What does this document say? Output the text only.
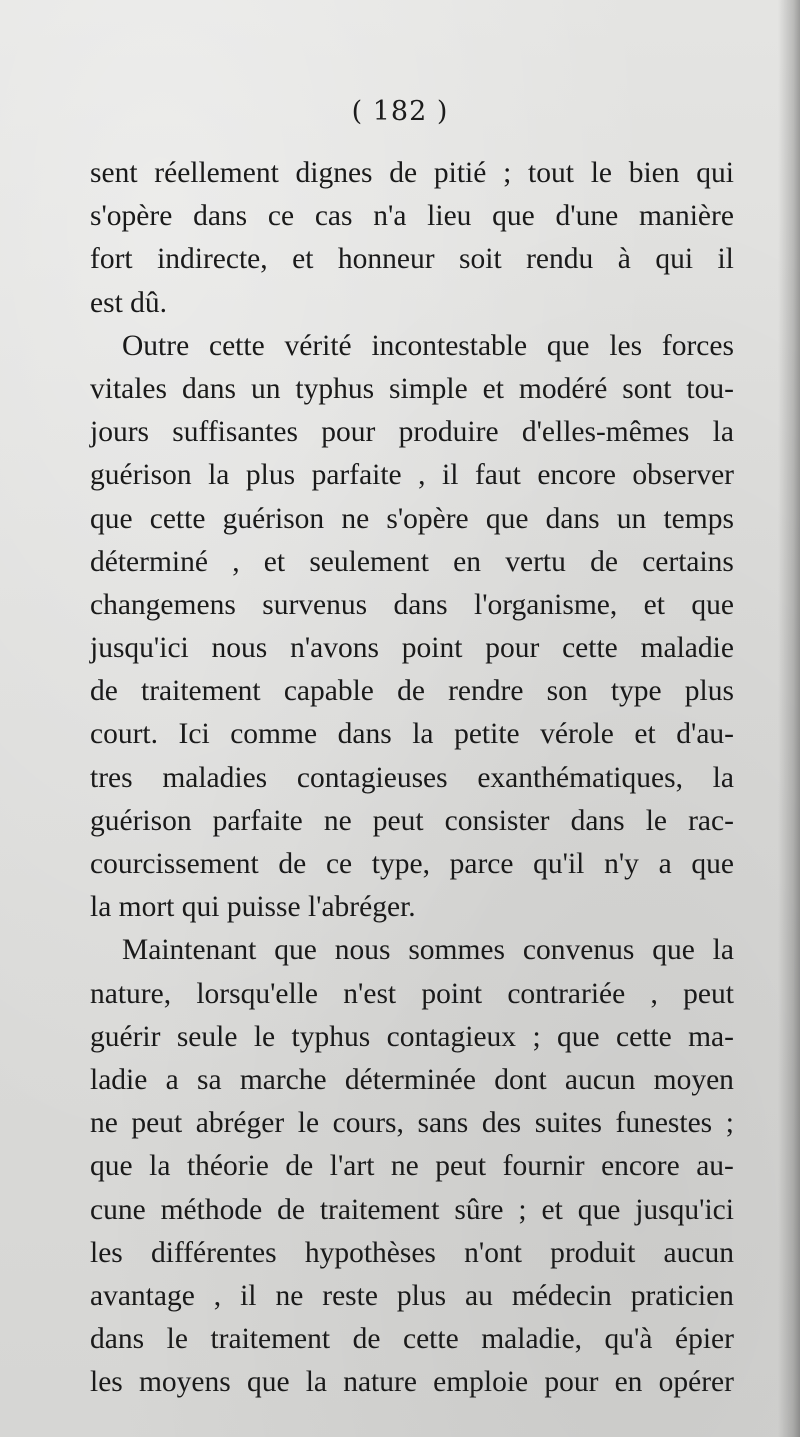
( 182 )
sent réellement dignes de pitié ; tout le bien qui
s'opère dans ce cas n'a lieu que d'une manière
fort indirecte, et honneur soit rendu à qui il
est dû.
Outre cette vérité incontestable que les forces
vitales dans un typhus simple et modéré sont tou-
jours suffisantes pour produire d'elles-mêmes la
guérison la plus parfaite , il faut encore observer
que cette guérison ne s'opère que dans un temps
déterminé , et seulement en vertu de certains
changemens survenus dans l'organisme, et que
jusqu'ici nous n'avons point pour cette maladie
de traitement capable de rendre son type plus
court. Ici comme dans la petite vérole et d'au-
tres maladies contagieuses exanthématiques, la
guérison parfaite ne peut consister dans le rac-
courcissement de ce type, parce qu'il n'y a que
la mort qui puisse l'abréger.
Maintenant que nous sommes convenus que la
nature, lorsqu'elle n'est point contrariée , peut
guérir seule le typhus contagieux ; que cette ma-
ladie a sa marche déterminée dont aucun moyen
ne peut abréger le cours, sans des suites funestes ;
que la théorie de l'art ne peut fournir encore au-
cune méthode de traitement sûre ; et que jusqu'ici
les différentes hypothèses n'ont produit aucun
avantage , il ne reste plus au médecin praticien
dans le traitement de cette maladie, qu'à épier
les moyens que la nature emploie pour en opérer
